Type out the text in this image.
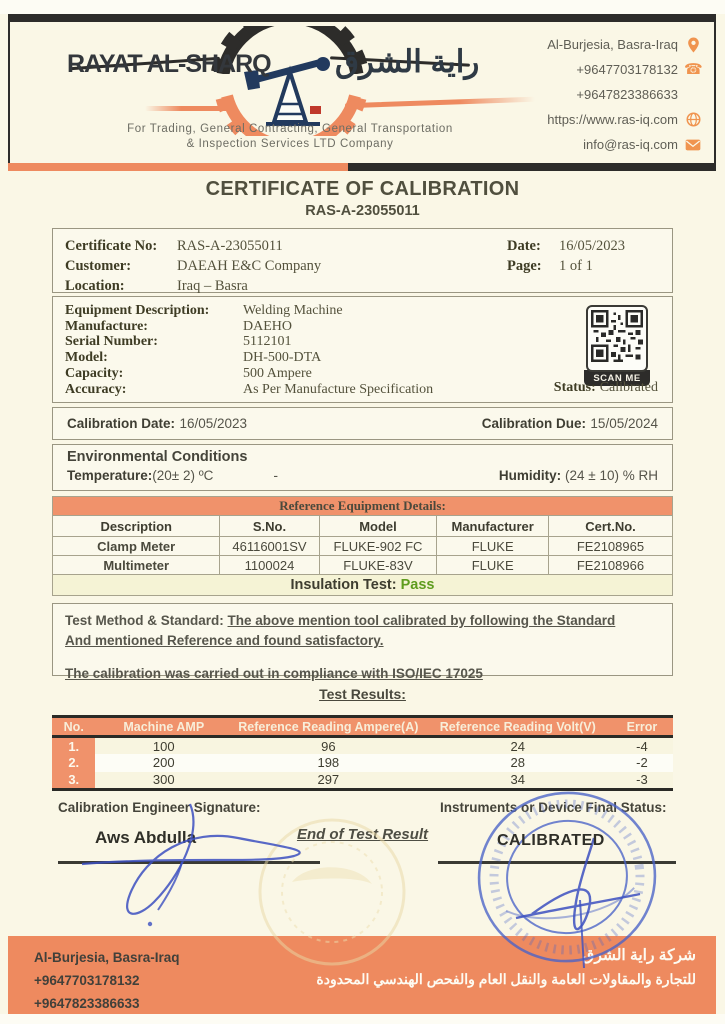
RAYAT AL-SHARQ راية الشرق
For Trading, General Contracting, General Transportation
& Inspection Services LTD Company
Al-Burjesia, Basra-Iraq
+9647703178132 ☎
+9647823386633
https://www.ras-iq.com
info@ras-iq.com
CERTIFICATE OF CALIBRATION
RAS-A-23055011
Certificate No:	RAS-A-23055011	Date:	16/05/2023
Customer:	DAEAH E&C Company	Page:	1 of 1
Location:	Iraq – Basra
Equipment Description:	Welding Machine
Manufacture:	DAEHO
Serial Number:	5112101
Model:	DH-500-DTA
Capacity:	500 Ampere
Accuracy:	As Per Manufacture Specification
SCAN ME
Status: Calibrated
Calibration Date: 16/05/2023	Calibration Due: 15/05/2024
Environmental Conditions
Temperature: (20± 2) ºC	-	Humidity: (24 ± 10) % RH
Reference Equipment Details:				
Description	S.No.	Model	Manufacturer	Cert.No.
Clamp Meter	46116001SV	FLUKE-902 FC	FLUKE	FE2108965
Multimeter	1100024	FLUKE-83V	FLUKE	FE2108966
Insulation Test: Pass				
Test Method & Standard: The above mention tool calibrated by following the Standard
And mentioned Reference and found satisfactory.
The calibration was carried out in compliance with ISO/IEC 17025
Test Results:
No.	Machine AMP	Reference Reading Ampere(A)	Reference Reading Volt(V)	Error
1.	100	96	24	-4
2.	200	198	28	-2
3.	300	297	34	-3
Calibration Engineer Signature:
Aws Abdulla	End of Test Result
Instruments or Device Final Status:
CALIBRATED
Al-Burjesia, Basra-Iraq
+9647703178132
+9647823386633
شركة راية الشرق
للتجارة والمقاولات العامة والنقل العام والفحص الهندسي المحدودة
